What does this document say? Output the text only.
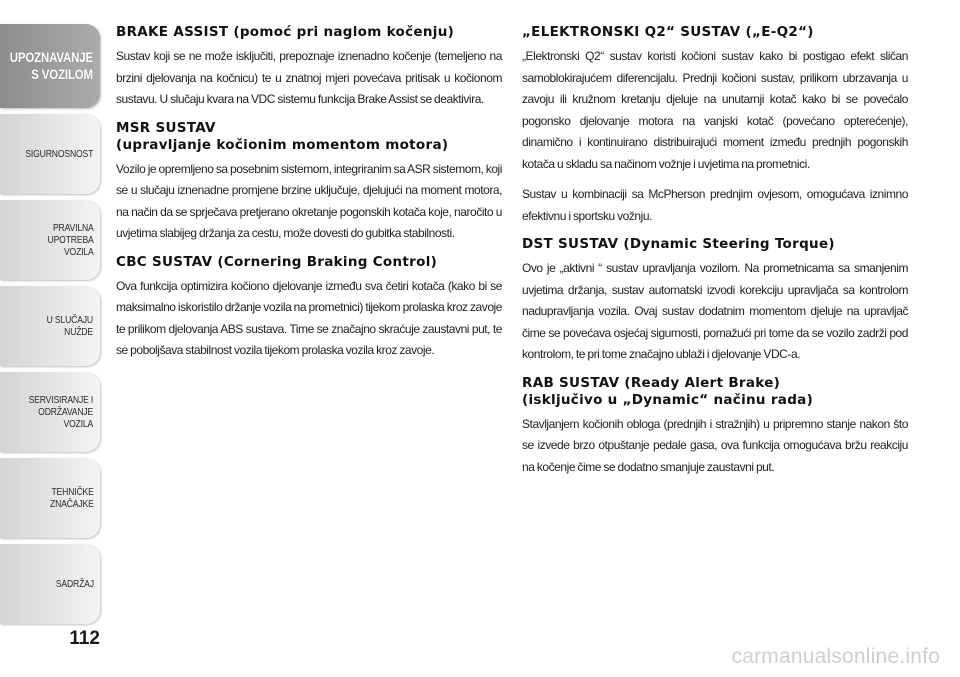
UPOZNAVANJE
S VOZILOM
SIGURNOSNOST
PRAVILNA
UPOTREBA
VOZILA
U SLUČAJU
NUŽDE
SERVISIRANJE I
ODRŽAVANJE
VOZILA
TEHNIČKE
ZNAČAJKE
SADRŽAJ
112
BRAKE ASSIST (pomoć pri naglom kočenju)

Sustav koji se ne može isključiti, prepoznaje iznenadno kočenje (temeljeno na brzini djelovanja na kočnicu) te u znatnoj mjeri povećava pritisak u kočionom sustavu. U slučaju kvara na VDC sistemu funkcija Brake Assist se deaktivira.

MSR SUSTAV
(upravljanje kočionim momentom motora)

Vozilo je opremljeno sa posebnim sistemom, integriranim sa ASR sistemom, koji se u slučaju iznenadne promjene brzine uključuje, djelujući na moment motora, na način da se sprječava pretjerano okretanje pogonskih kotača koje, naročito u uvjetima slabijeg držanja za cestu, može dovesti do gubitka stabilnosti.

CBC SUSTAV (Cornering Braking Control)

Ova funkcija optimizira kočiono djelovanje između sva četiri kotača (kako bi se maksimalno iskoristilo držanje vozila na prometnici) tijekom prolaska kroz zavoje te prilikom djelovanja ABS sustava. Time se značajno skraćuje zaustavni put, te se poboljšava stabilnost vozila tijekom prolaska vozila kroz zavoje.

„ELEKTRONSKI Q2“ SUSTAV („E-Q2“)

„Elektronski Q2“ sustav koristi kočioni sustav kako bi postigao efekt sličan samoblokirajućem diferencijalu. Prednji kočioni sustav, prilikom ubrzavanja u zavoju ili kružnom kretanju djeluje na unutarnji kotač kako bi se povećalo pogonsko djelovanje motora na vanjski kotač (povećano opterećenje), dinamično i kontinuirano distribuirajući moment između prednjih pogonskih kotača u skladu sa načinom vožnje i uvjetima na prometnici.

Sustav u kombinaciji sa McPherson prednjim ovjesom, omogućava iznimno efektivnu i sportsku vožnju.

DST SUSTAV (Dynamic Steering Torque)

Ovo je „aktivni “ sustav upravljanja vozilom. Na prometnicama sa smanjenim uvjetima držanja, sustav automatski izvodi korekciju upravljača sa kontrolom nadupravljanja vozila. Ovaj sustav dodatnim momentom djeluje na upravljač čime se povećava osjećaj sigurnosti, pomažući pri tome da se vozilo zadrži pod kontrolom, te pri tome značajno ublaži i djelovanje VDC-a.

RAB SUSTAV (Ready Alert Brake)
(isključivo u „Dynamic“ načinu rada)

Stavljanjem kočionih obloga (prednjih i stražnjih) u pripremno stanje nakon što se izvede brzo otpuštanje pedale gasa, ova funkcija omogućava bržu reakciju na kočenje čime se dodatno smanjuje zaustavni put.

carmanualsonline.info
